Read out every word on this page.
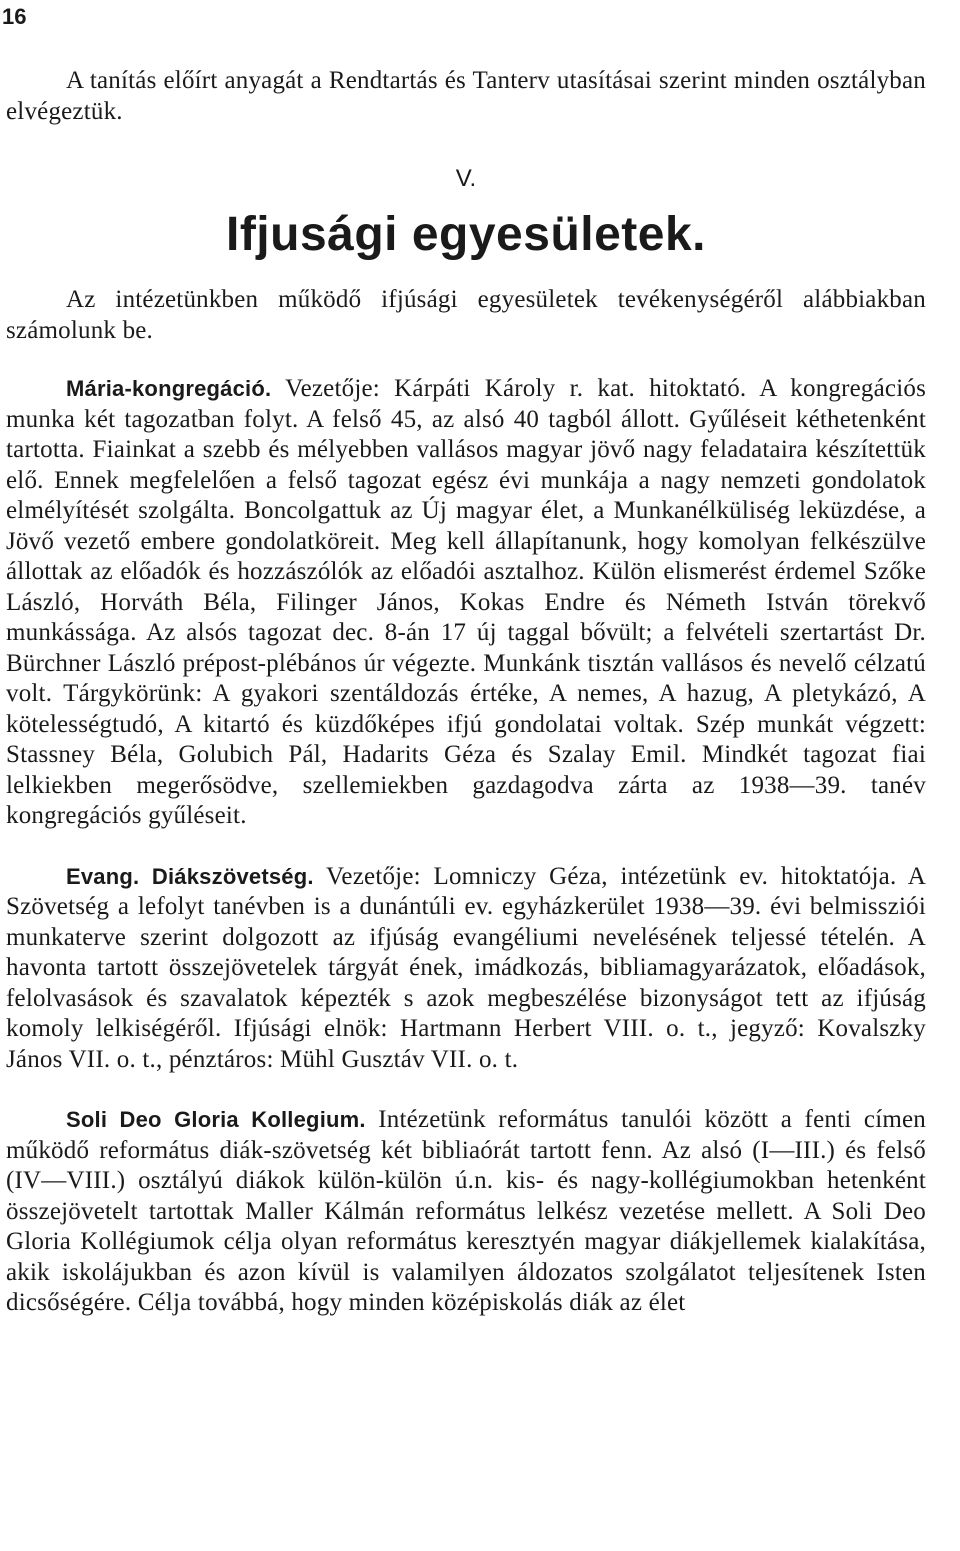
16

A tanítás előírt anyagát a Rendtartás és Tanterv utasításai szerint minden osztályban elvégeztük.

V.
Ifjusági egyesületek.

Az intézetünkben működő ifjúsági egyesületek tevékenységéről alábbiakban számolunk be.

Mária-kongregáció. Vezetője: Kárpáti Károly r. kat. hitoktató. A kongregációs munka két tagozatban folyt. A felső 45, az alsó 40 tagból állott. Gyűléseit kéthetenként tartotta. Fiainkat a szebb és mélyebben vallásos magyar jövő nagy feladataira készítettük elő. Ennek megfelelően a felső tagozat egész évi munkája a nagy nemzeti gondolatok elmélyítését szolgálta. Boncolgattuk az Új magyar élet, a Munkanélküliség leküzdése, a Jövő vezető embere gondolatköreit. Meg kell állapítanunk, hogy komolyan felkészülve állottak az előadók és hozzászólók az előadói asztalhoz. Külön elismerést érdemel Szőke László, Horváth Béla, Filinger János, Kokas Endre és Németh István törekvő munkássága. Az alsós tagozat dec. 8-án 17 új taggal bővült; a felvételi szertartást Dr. Bürchner László prépost-plébános úr végezte. Munkánk tisztán vallásos és nevelő célzatú volt. Tárgykörünk: A gyakori szentáldozás értéke, A nemes, A hazug, A pletykázó, A kötelességtudó, A kitartó és küzdőképes ifjú gondolatai voltak. Szép munkát végzett: Stassney Béla, Golubich Pál, Hadarits Géza és Szalay Emil. Mindkét tagozat fiai lelkiekben megerősödve, szellemiekben gazdagodva zárta az 1938—39. tanév kongregációs gyűléseit.

Evang. Diákszövetség. Vezetője: Lomniczy Géza, intézetünk ev. hitoktatója. A Szövetség a lefolyt tanévben is a dunántúli ev. egyházkerület 1938—39. évi belmissziói munkaterve szerint dolgozott az ifjúság evangéliumi nevelésének teljessé tételén. A havonta tartott összejövetelek tárgyát ének, imádkozás, bibliamagyarázatok, előadások, felolvasások és szavalatok képezték s azok megbeszélése bizonyságot tett az ifjúság komoly lelkiségéről. Ifjúsági elnök: Hartmann Herbert VIII. o. t., jegyző: Kovalszky János VII. o. t., pénztáros: Mühl Gusztáv VII. o. t.

Soli Deo Gloria Kollegium. Intézetünk református tanulói között a fenti címen működő református diák-szövetség két bibliaórát tartott fenn. Az alsó (I—III.) és felső (IV—VIII.) osztályú diákok külön-külön ú.n. kis- és nagy-kollégiumokban hetenként összejövetelt tartottak Maller Kálmán református lelkész vezetése mellett. A Soli Deo Gloria Kollégiumok célja olyan református keresztyén magyar diákjellemek kialakítása, akik iskolájukban és azon kívül is valamilyen áldozatos szolgálatot teljesítenek Isten dicsőségére. Célja továbbá, hogy minden középiskolás diák az élet
